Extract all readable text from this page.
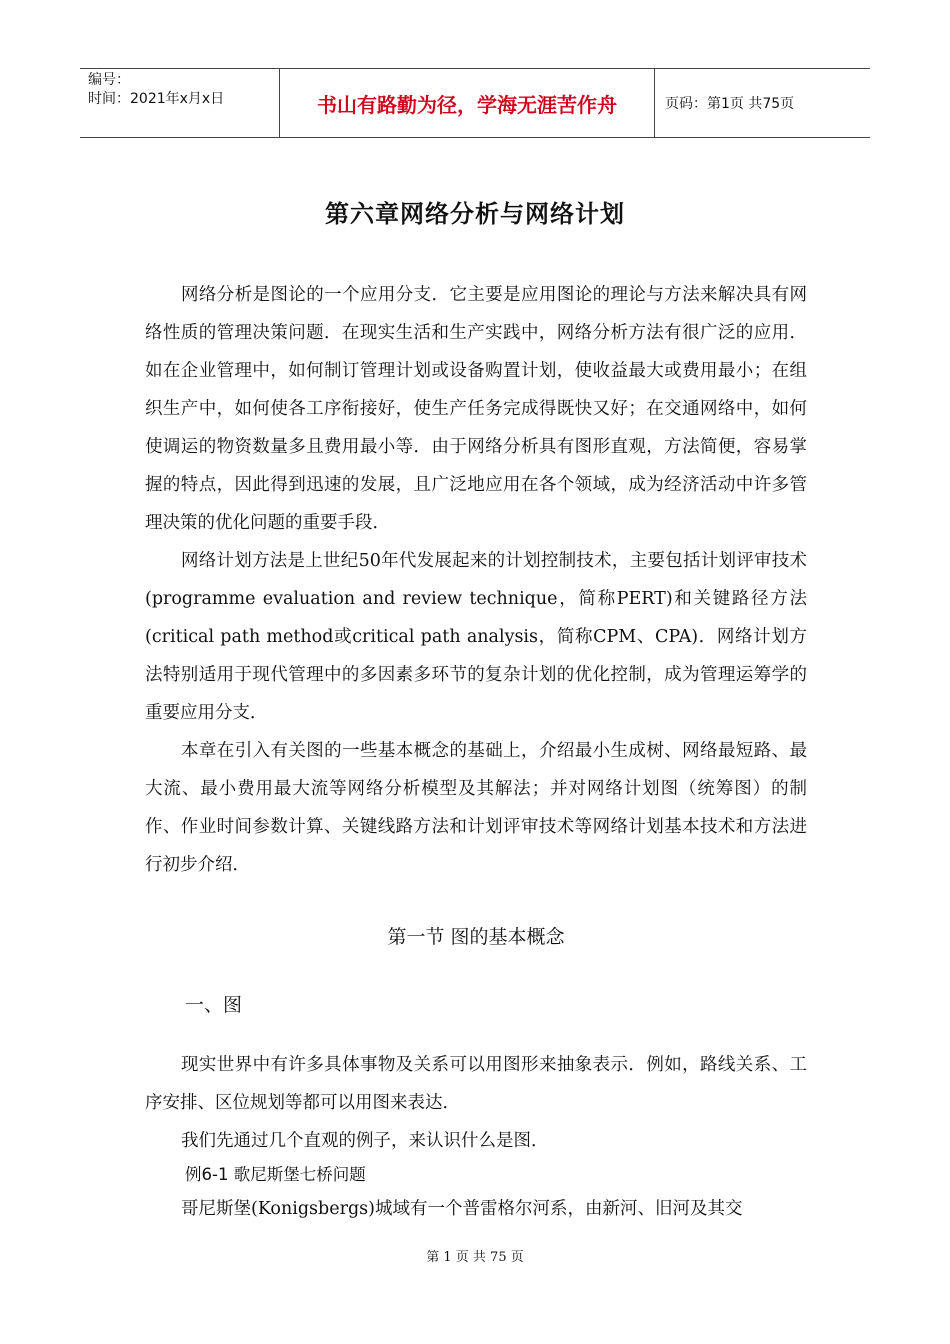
编号：
时间：2021年x月x日	书山有路勤为径，学海无涯苦作舟	页码：第1页 共75页
第六章网络分析与网络计划

网络分析是图论的一个应用分支．它主要是应用图论的理论与方法来解决具有网络性质的管理决策问题．在现实生活和生产实践中，网络分析方法有很广泛的应用．如在企业管理中，如何制订管理计划或设备购置计划，使收益最大或费用最小；在组织生产中，如何使各工序衔接好，使生产任务完成得既快又好；在交通网络中，如何使调运的物资数量多且费用最小等．由于网络分析具有图形直观，方法简便，容易掌握的特点，因此得到迅速的发展，且广泛地应用在各个领域，成为经济活动中许多管理决策的优化问题的重要手段．

网络计划方法是上世纪50年代发展起来的计划控制技术，主要包括计划评审技术(programme evaluation and review technique，简称PERT)和关键路径方法(critical path method或critical path analysis，简称CPM、CPA)．网络计划方法特别适用于现代管理中的多因素多环节的复杂计划的优化控制，成为管理运筹学的重要应用分支．

本章在引入有关图的一些基本概念的基础上，介绍最小生成树、网络最短路、最大流、最小费用最大流等网络分析模型及其解法；并对网络计划图（统筹图）的制作、作业时间参数计算、关键线路方法和计划评审技术等网络计划基本技术和方法进行初步介绍．

第一节 图的基本概念
一、图

现实世界中有许多具体事物及关系可以用图形来抽象表示．例如，路线关系、工序安排、区位规划等都可以用图来表达．

我们先通过几个直观的例子，来认识什么是图．

例6-1 歌尼斯堡七桥问题

哥尼斯堡(Konigsbergs)城域有一个普雷格尔河系，由新河、旧河及其交

第 1 页 共 75 页
